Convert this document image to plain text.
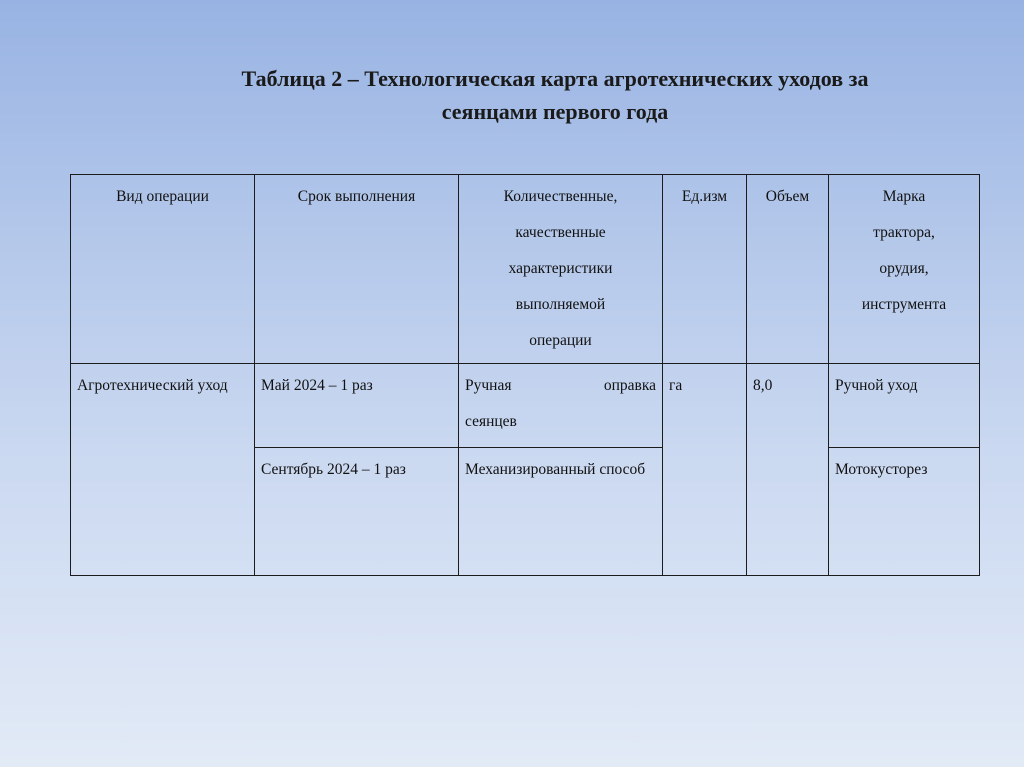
Таблица 2 – Технологическая карта агротехнических уходов за
сеянцами первого года
Вид операции	Срок выполнения	Количественные,
качественные
характеристики
выполняемой
операции	Ед.изм	Объем	Марка
трактора,
орудия,
инструмента

Агротехнический уход	Май 2024 – 1 раз	Ручная оправка
сеянцев	га	8,0	Ручной уход
	Сентябрь 2024 – 1 раз	Механизированный способ			Мотокусторез
